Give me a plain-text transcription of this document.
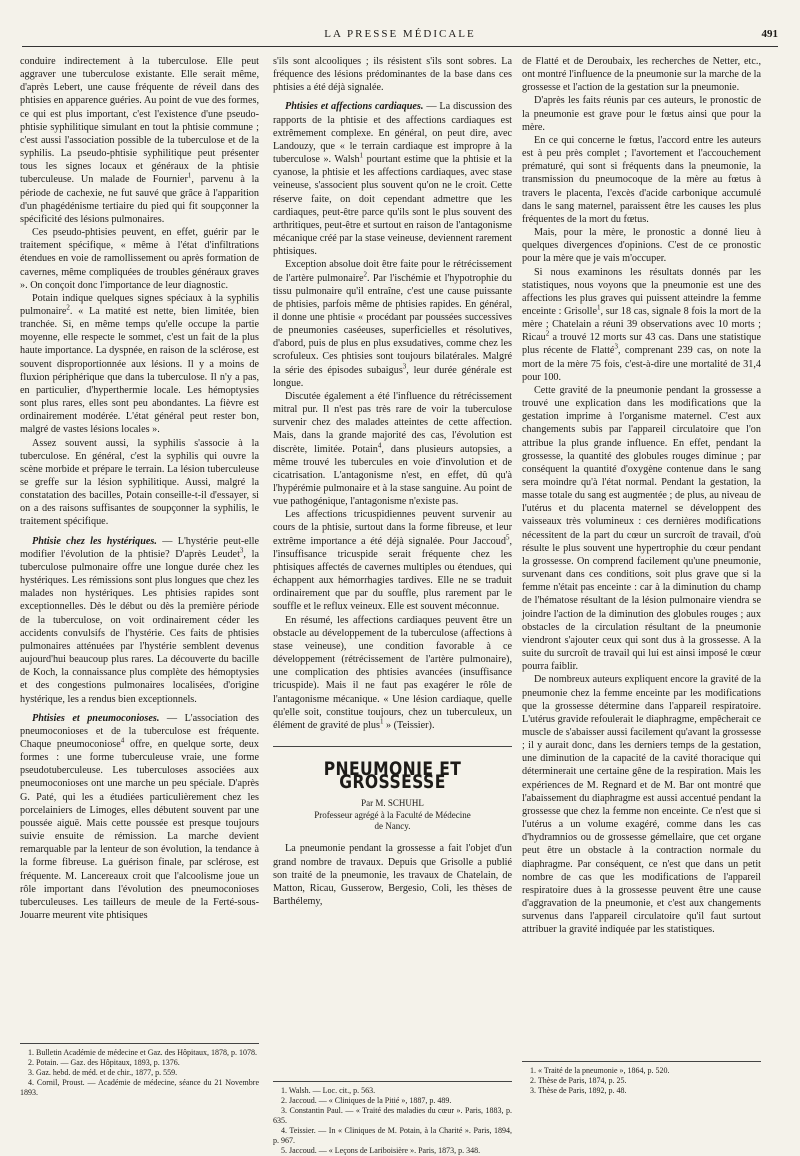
LA PRESSE MÉDICALE	491

conduire indirectement à la tuberculose. Elle peut aggraver une tuberculose existante. Elle serait même, d'après Lebert, une cause fréquente de réveil dans des phtisies en apparence guéries. Au point de vue des formes, ce qui est plus important, c'est l'existence d'une pseudo-phtisie syphilitique simulant en tout la phtisie commune ; c'est aussi l'association possible de la tuberculose et de la syphilis. La pseudo-phtisie syphilitique peut présenter tous les signes locaux et généraux de la phtisie tuberculeuse. Un malade de Fournier$^1$, parvenu à la période de cachexie, ne fut sauvé que grâce à l'apparition d'un phagédénisme tertiaire du pied qui fit soupçonner la spécificité des lésions pulmonaires.

Ces pseudo-phtisies peuvent, en effet, guérir par le traitement spécifique, « même à l'état d'infiltrations étendues en voie de ramollissement ou après formation de cavernes, même compliquées de troubles généraux graves ». On conçoit donc l'importance de leur diagnostic.

Potain indique quelques signes spéciaux à la syphilis pulmonaire$^2$. « La matité est nette, bien limitée, bien tranchée. Si, en même temps qu'elle occupe la partie moyenne, elle respecte le sommet, c'est un fait de la plus haute importance. La dyspnée, en raison de la sclérose, est souvent disproportionnée aux lésions. Il y a moins de fluxion périphérique que dans la tuberculose. Il n'y a pas, en particulier, d'hyperthermie locale. Les hémoptysies sont plus rares, elles sont peu abondantes. La fièvre est ordinairement modérée. L'état général peut rester bon, malgré de vastes lésions locales ».

Assez souvent aussi, la syphilis s'associe à la tuberculose. En général, c'est la syphilis qui ouvre la scène morbide et prépare le terrain. La lésion tuberculeuse se greffe sur la lésion syphilitique. Aussi, malgré la constatation des bacilles, Potain conseille-t-il d'essayer, si on a des raisons suffisantes de soupçonner la syphilis, le traitement spécifique.

Phtisie chez les hystériques. — L'hystérie peut-elle modifier l'évolution de la phtisie? D'après Leudet$^3$, la tuberculose pulmonaire offre une longue durée chez les hystériques. Les rémissions sont plus longues que chez les malades non hystériques. Les phtisies rapides sont exceptionnelles. Dès le début ou dès la première période de la tuberculose, on voit ordinairement céder les accidents convulsifs de l'hystérie. Ces faits de phtisies pulmonaires atténuées par l'hystérie semblent devenus aujourd'hui beaucoup plus rares. La découverte du bacille de Koch, la connaissance plus complète des hémoptysies et des congestions pulmonaires localisées, d'origine hystérique, les a rendus bien exceptionnels.

Phtisies et pneumoconioses. — L'association des pneumoconioses et de la tuberculose est fréquente. Chaque pneumoconiose$^4$ offre, en quelque sorte, deux formes : une forme tuberculeuse vraie, une forme pseudotuberculeuse. Les tuberculoses associées aux pneumoconioses ont une marche un peu spéciale. D'après G. Paté, qui les a étudiées particulièrement chez les porcelainiers de Limoges, elles débutent souvent par une poussée aiguë. Mais cette poussée est presque toujours suivie ensuite de rémission. La marche devient remarquable par la lenteur de son évolution, la tendance à la forme fibreuse. La guérison finale, par sclérose, est fréquente. M. Lancereaux croit que l'alcoolisme joue un rôle important dans l'évolution des pneumoconioses tuberculeuses. Les tailleurs de meule de la Ferté-sous-Jouarre meurent vite phtisiques

1. Bulletin Académie de médecine et Gaz. des Hôpitaux, 1878, p. 1078.
2. Potain. — Gaz. des Hôpitaux, 1893, p. 1376.
3. Gaz. hebd. de méd. et de chir., 1877, p. 559.
4. Cornil, Proust. — Académie de médecine, séance du 21 Novembre 1893.

s'ils sont alcooliques ; ils résistent s'ils sont sobres. La fréquence des lésions prédominantes de la base dans ces phtisies a été déjà signalée.

Phtisies et affections cardiaques. — La discussion des rapports de la phtisie et des affections cardiaques est extrêmement complexe. En général, on peut dire, avec Landouzy, que « le terrain cardiaque est impropre à la tuberculose ». Walsh$^1$ pourtant estime que la phtisie et la cyanose, la phtisie et les affections cardiaques, avec stase veineuse, s'associent plus souvent qu'on ne le croit. Cette réserve faite, on doit cependant admettre que les cardiaques, peut-être parce qu'ils sont le plus souvent des arthritiques, peut-être et surtout en raison de l'antagonisme mécanique créé par la stase veineuse, deviennent rarement phtisiques.

Exception absolue doit être faite pour le rétrécissement de l'artère pulmonaire$^2$. Par l'ischémie et l'hypotrophie du tissu pulmonaire qu'il entraîne, c'est une cause puissante de phtisies, parfois même de phtisies rapides. En général, il donne une phtisie « procédant par poussées successives de pneumonies caséeuses, superficielles et résolutives, d'abord, puis de plus en plus exsudatives, comme chez les scrofuleux. Ces phtisies sont toujours bilatérales. Malgré la série des épisodes subaigus$^3$, leur durée générale est longue.

Discutée également a été l'influence du rétrécissement mitral pur. Il n'est pas très rare de voir la tuberculose survenir chez des malades atteintes de cette affection. Mais, dans la grande majorité des cas, l'évolution est discrète, limitée. Potain$^4$, dans plusieurs autopsies, a même trouvé les tubercules en voie d'involution et de cicatrisation. L'antagonisme n'est, en effet, dû qu'à l'hypérémie pulmonaire et à la stase sanguine. Au point de vue pathogénique, l'antagonisme n'existe pas.

Les affections tricuspidiennes peuvent survenir au cours de la phtisie, surtout dans la forme fibreuse, et leur extrême importance a été déjà signalée. Pour Jaccoud$^5$, l'insuffisance tricuspide serait fréquente chez les phtisiques affectés de cavernes multiples ou étendues, qui échappent aux hémorrhagies tardives. Elle ne se traduit ordinairement que par du souffle, plus rarement par le souffle et le reflux veineux. Elle est souvent méconnue.

En résumé, les affections cardiaques peuvent être un obstacle au développement de la tuberculose (affections à stase veineuse), une condition favorable à ce développement (rétrécissement de l'artère pulmonaire), une complication des phtisies avancées (insuffisance tricuspide). Mais il ne faut pas exagérer le rôle de l'antagonisme mécanique. « Une lésion cardiaque, quelle qu'elle soit, constitue toujours, chez un tuberculeux, un élément de gravité de plus$^1$ » (Teissier).

PNEUMONIE ET GROSSESSE
Par M. SCHUHL
Professeur agrégé à la Faculté de Médecine
de Nancy.

La pneumonie pendant la grossesse a fait l'objet d'un grand nombre de travaux. Depuis que Grisolle a publié son traité de la pneumonie, les travaux de Chatelain, de Matton, Ricau, Gusserow, Bergesio, Coli, les thèses de Barthélemy,

1. Walsh. — Loc. cit., p. 563.
2. Jaccoud. — « Cliniques de la Pitié », 1887, p. 489.
3. Constantin Paul. — « Traité des maladies du cœur ». Paris, 1883, p. 635.
4. Teissier. — In « Cliniques de M. Potain, à la Charité ». Paris, 1894, p. 967.
5. Jaccoud. — « Leçons de Lariboisière ». Paris, 1873, p. 348.

de Flatté et de Deroubaix, les recherches de Netter, etc., ont montré l'influence de la pneumonie sur la marche de la grossesse et l'action de la gestation sur la pneumonie.

D'après les faits réunis par ces auteurs, le pronostic de la pneumonie est grave pour le fœtus ainsi que pour la mère.

En ce qui concerne le fœtus, l'accord entre les auteurs est à peu près complet ; l'avortement et l'accouchement prématuré, qui sont si fréquents dans la pneumonie, la transmission du pneumocoque de la mère au fœtus à travers le placenta, l'excès d'acide carbonique accumulé dans le sang maternel, paraissent être les causes les plus fréquentes de la mort du fœtus.

Mais, pour la mère, le pronostic a donné lieu à quelques divergences d'opinions. C'est de ce pronostic pour la mère que je vais m'occuper.

Si nous examinons les résultats donnés par les statistiques, nous voyons que la pneumonie est une des affections les plus graves qui puissent atteindre la femme enceinte : Grisolle$^1$, sur 18 cas, signale 8 fois la mort de la mère ; Chatelain a réuni 39 observations avec 10 morts ; Ricau$^2$ a trouvé 12 morts sur 43 cas. Dans une statistique plus récente de Flatté$^3$, comprenant 239 cas, on note la mort de la mère 75 fois, c'est-à-dire une mortalité de 31,4 pour 100.

Cette gravité de la pneumonie pendant la grossesse a trouvé une explication dans les modifications que la gestation imprime à l'organisme maternel. C'est aux changements subis par l'appareil circulatoire que l'on attribue la plus grande influence. En effet, pendant la grossesse, la quantité des globules rouges diminue ; par conséquent la quantité d'oxygène contenue dans le sang sera moindre qu'à l'état normal. Pendant la gestation, la masse totale du sang est augmentée ; de plus, au niveau de l'utérus et du placenta maternel se développent des vaisseaux très volumineux : ces dernières modifications nécessitent de la part du cœur un surcroît de travail, d'où résulte le plus souvent une hypertrophie du cœur pendant la grossesse. On comprend facilement qu'une pneumonie, survenant dans ces conditions, soit plus grave que si la femme n'était pas enceinte : car à la diminution du champ de l'hématose résultant de la lésion pulmonaire viendra se joindre l'action de la diminution des globules rouges ; aux obstacles de la circulation résultant de la pneumonie viendront s'ajouter ceux qui sont dus à la grossesse. A la suite du surcroît de travail qui lui est ainsi imposé le cœur pourra faiblir.

De nombreux auteurs expliquent encore la gravité de la pneumonie chez la femme enceinte par les modifications que la grossesse détermine dans l'appareil respiratoire. L'utérus gravide refoulerait le diaphragme, empêcherait ce muscle de s'abaisser aussi facilement qu'avant la grossesse ; il y aurait donc, dans les derniers temps de la gestation, une diminution de la capacité de la cavité thoracique qui déterminerait une certaine gêne de la respiration. Mais les expériences de M. Regnard et de M. Bar ont montré que l'abaissement du diaphragme est aussi accentué pendant la grossesse que chez la femme non enceinte. Ce n'est que si l'utérus a un volume exagéré, comme dans les cas d'hydramnios ou de grossesse gémellaire, que cet organe peut être un obstacle à la contraction normale du diaphragme. Par conséquent, ce n'est que dans un petit nombre de cas que les modifications de l'appareil respiratoire dues à la grossesse peuvent être une cause d'aggravation de la pneumonie, et c'est aux changements survenus dans l'appareil circulatoire qu'il faut surtout attribuer la gravité indiquée par les statistiques.

1. « Traité de la pneumonie », 1864, p. 520.
2. Thèse de Paris, 1874, p. 25.
3. Thèse de Paris, 1892, p. 48.
